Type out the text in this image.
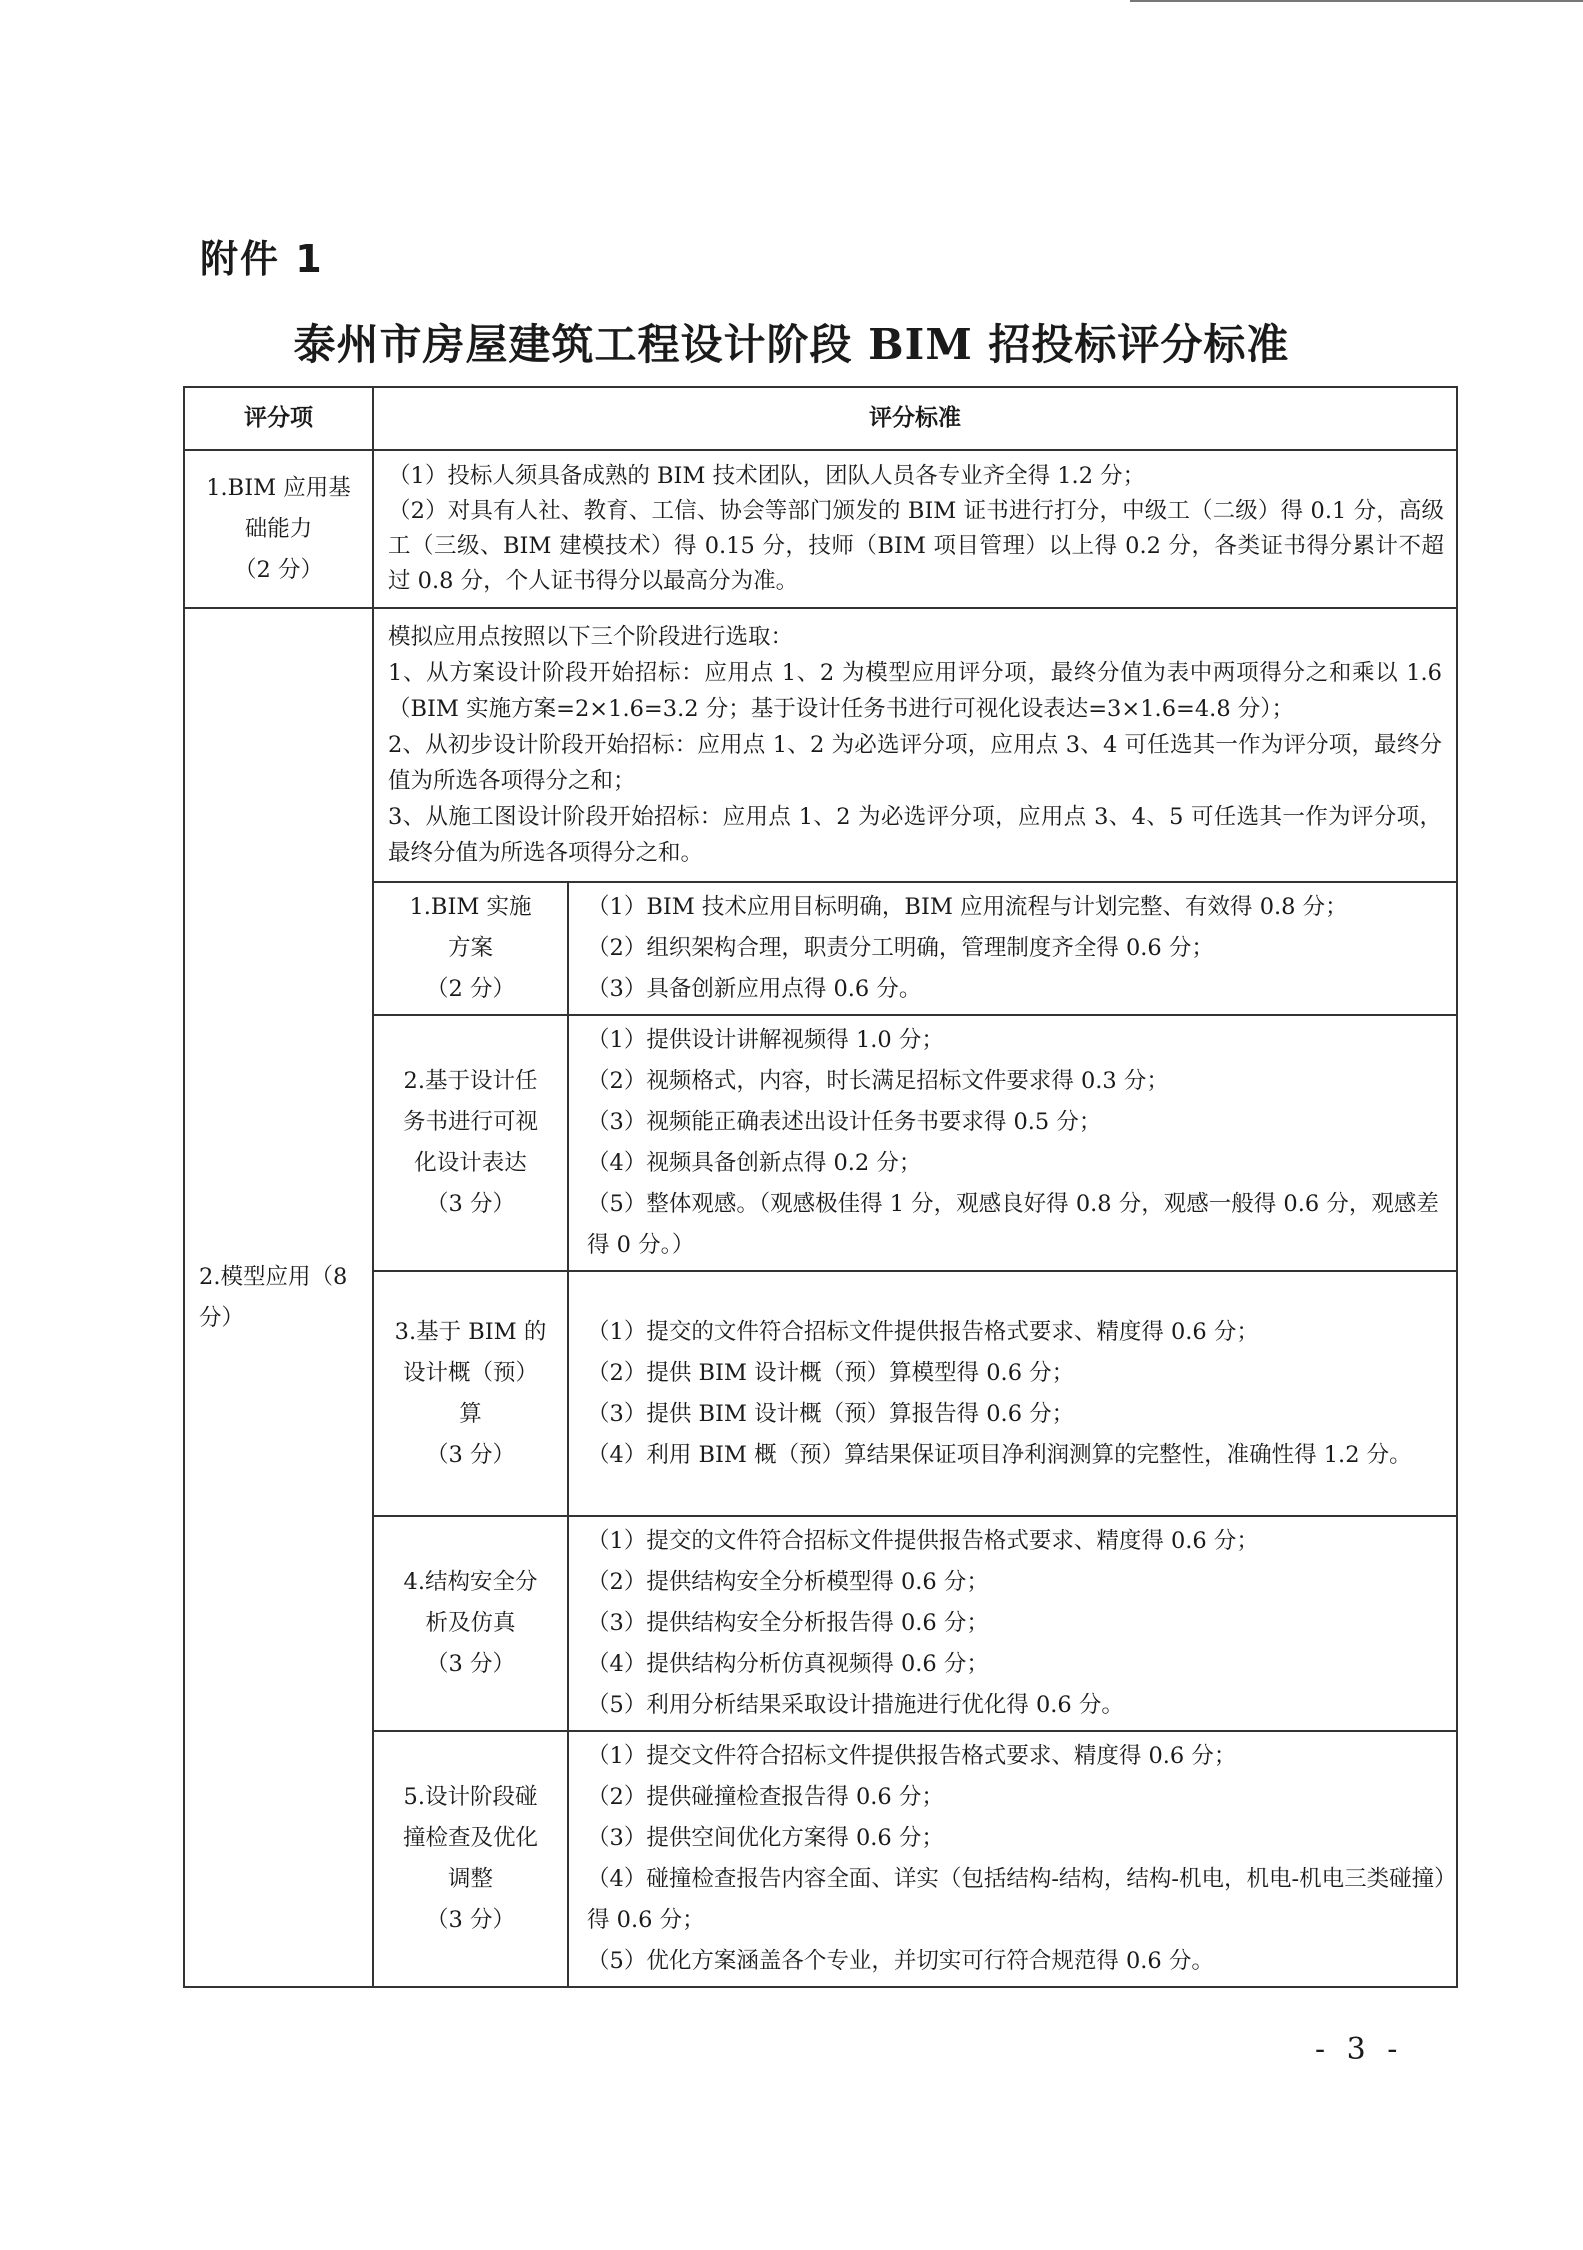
附件 1
泰州市房屋建筑工程设计阶段 BIM 招投标评分标准
评分项	评分标准	

1.BIM 应用基
础能力
（2 分）	（1）投标人须具备成熟的 BIM 技术团队，团队人员各专业齐全得 1.2 分；
（2）对具有人社、教育、工信、协会等部门颁发的 BIM 证书进行打分，中级工（二级）得 0.1 分，高级工（三级、BIM 建模技术）得 0.15 分，技师（BIM 项目管理）以上得 0.2 分，各类证书得分累计不超过 0.8 分，个人证书得分以最高分为准。	

2.模型应用（8
分）	模拟应用点按照以下三个阶段进行选取：
1、从方案设计阶段开始招标：应用点 1、2 为模型应用评分项，最终分值为表中两项得分之和乘以 1.6（BIM 实施方案=2×1.6=3.2 分；基于设计任务书进行可视化设表达=3×1.6=4.8 分）；
2、从初步设计阶段开始招标：应用点 1、2 为必选评分项，应用点 3、4 可任选其一作为评分项，最终分值为所选各项得分之和；
3、从施工图设计阶段开始招标：应用点 1、2 为必选评分项，应用点 3、4、5 可任选其一作为评分项，最终分值为所选各项得分之和。	

	1.BIM 实施
方案
（2 分）	（1）BIM 技术应用目标明确，BIM 应用流程与计划完整、有效得 0.8 分；
（2）组织架构合理，职责分工明确，管理制度齐全得 0.6 分；
（3）具备创新应用点得 0.6 分。

	2.基于设计任
务书进行可视
化设计表达
（3 分）	（1）提供设计讲解视频得 1.0 分；
（2）视频格式，内容，时长满足招标文件要求得 0.3 分；
（3）视频能正确表述出设计任务书要求得 0.5 分；
（4）视频具备创新点得 0.2 分；
（5）整体观感。（观感极佳得 1 分，观感良好得 0.8 分，观感一般得 0.6 分，观感差得 0 分。）

	3.基于 BIM 的
设计概（预）
算
（3 分）	（1）提交的文件符合招标文件提供报告格式要求、精度得 0.6 分；
（2）提供 BIM 设计概（预）算模型得 0.6 分；
（3）提供 BIM 设计概（预）算报告得 0.6 分；
（4）利用 BIM 概（预）算结果保证项目净利润测算的完整性，准确性得 1.2 分。

	4.结构安全分
析及仿真
（3 分）	（1）提交的文件符合招标文件提供报告格式要求、精度得 0.6 分；
（2）提供结构安全分析模型得 0.6 分；
（3）提供结构安全分析报告得 0.6 分；
（4）提供结构分析仿真视频得 0.6 分；
（5）利用分析结果采取设计措施进行优化得 0.6 分。

	5.设计阶段碰
撞检查及优化
调整
（3 分）	（1）提交文件符合招标文件提供报告格式要求、精度得 0.6 分；
（2）提供碰撞检查报告得 0.6 分；
（3）提供空间优化方案得 0.6 分；
（4）碰撞检查报告内容全面、详实（包括结构-结构，结构-机电，机电-机电三类碰撞）得 0.6 分；
（5）优化方案涵盖各个专业，并切实可行符合规范得 0.6 分。
- 3 -
